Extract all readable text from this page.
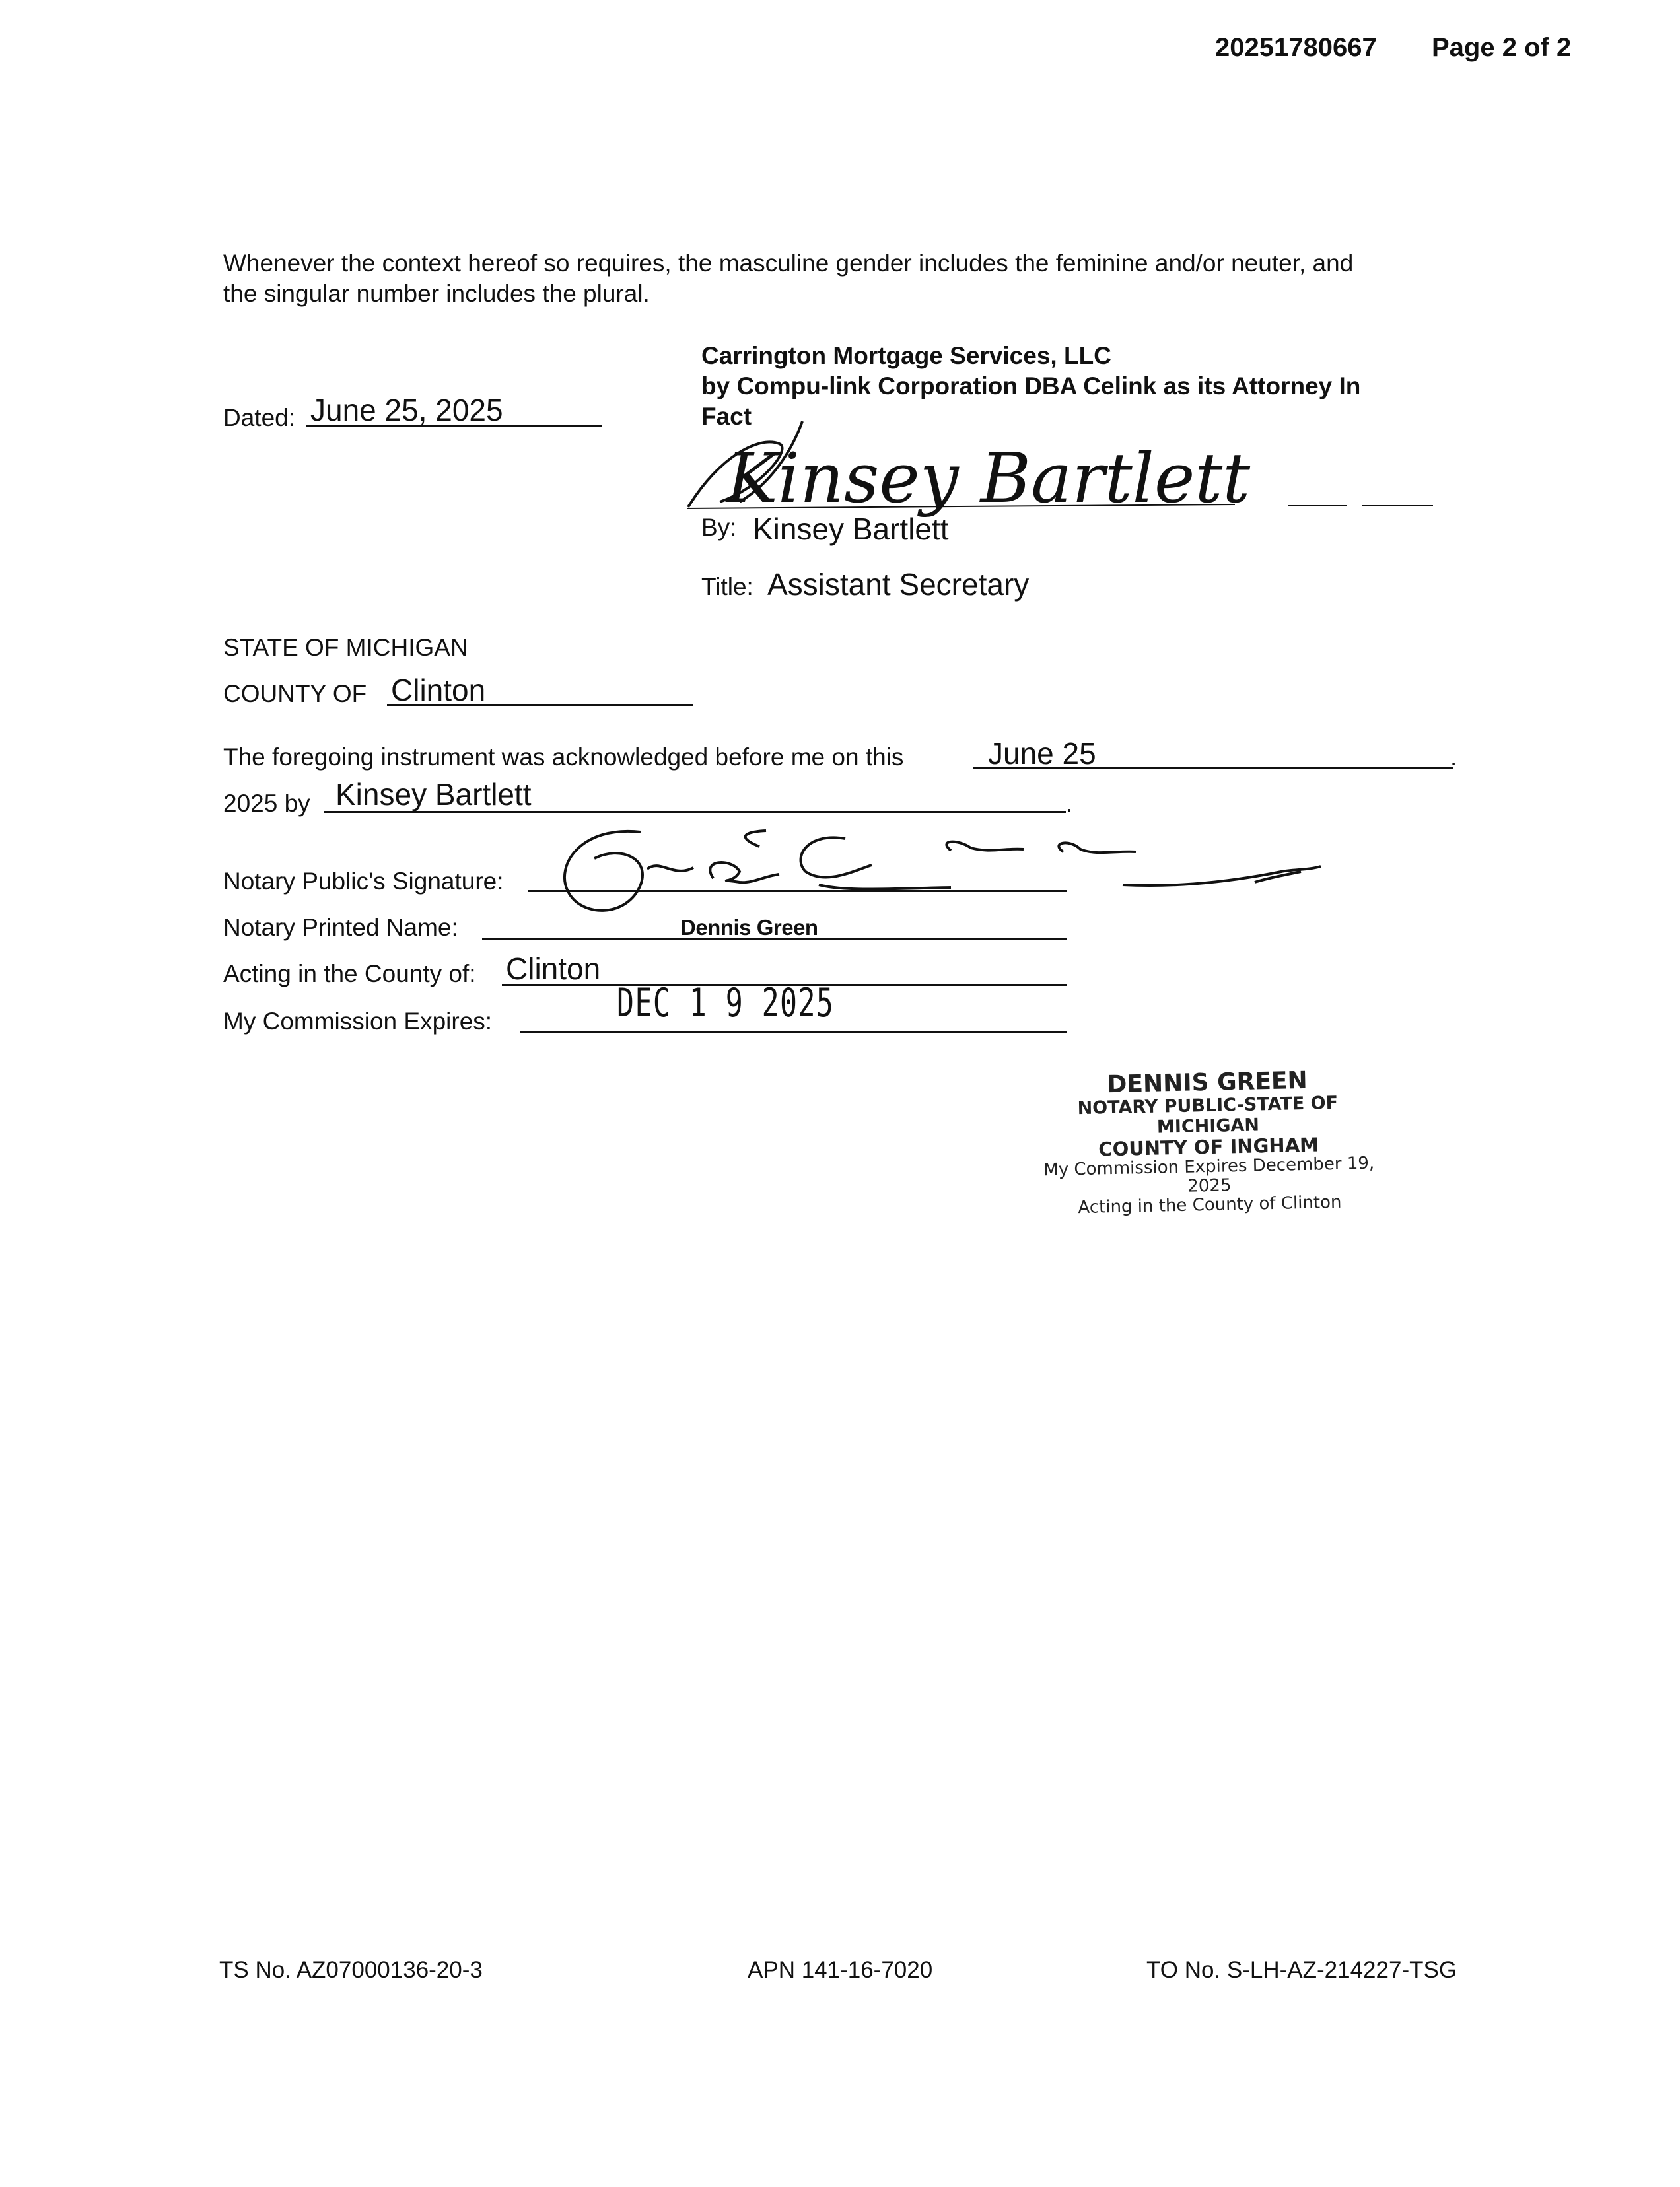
20251780667 Page 2 of 2
Whenever the context hereof so requires, the masculine gender includes the feminine and/or neuter, and
the singular number includes the plural.
Dated: June 25, 2025
Carrington Mortgage Services, LLC
by Compu-link Corporation DBA Celink as its Attorney In
Fact
Kinsey Bartlett
By: Kinsey Bartlett
Title: Assistant Secretary
STATE OF MICHIGAN
COUNTY OF Clinton
The foregoing instrument was acknowledged before me on this	June 25	.
2025 by Kinsey Bartlett	.
Notary Public's Signature:
Notary Printed Name:	Dennis Green
Acting in the County of: Clinton
My Commission Expires:	DEC 1 9 2025
DENNIS GREEN
NOTARY PUBLIC-STATE OF MICHIGAN
COUNTY OF INGHAM
My Commission Expires December 19, 2025
Acting in the County of Clinton
TS No. AZ07000136-20-3	APN 141-16-7020	TO No. S-LH-AZ-214227-TSG
